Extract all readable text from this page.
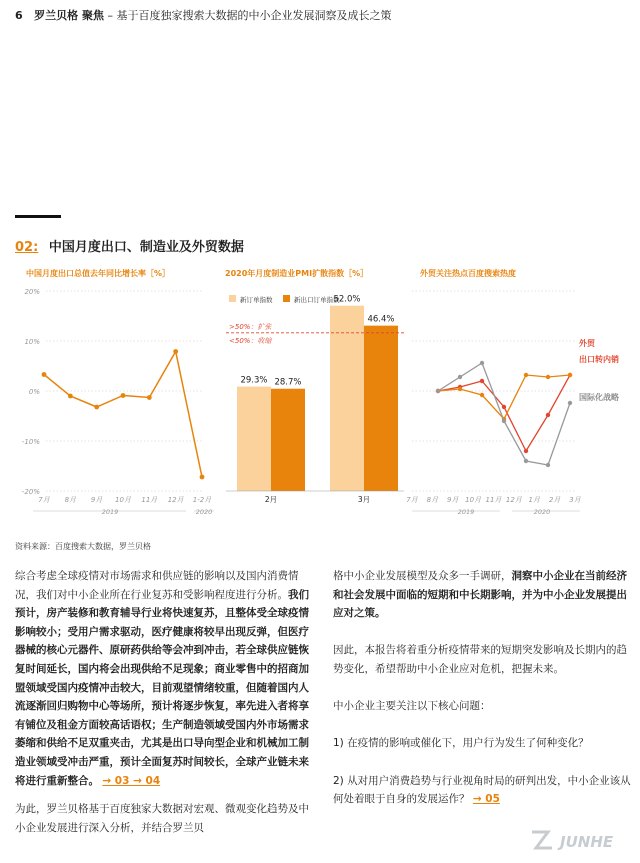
6 罗兰贝格 聚焦 – 基于百度独家搜索大数据的中小企业发展洞察及成长之策
02: 中国月度出口、制造业及外贸数据
中国月度出口总值去年同比增长率［%］	2020年月度制造业PMI扩散指数［%］	外贸关注热点百度搜索热度
20%
10%
0%
-10%
-20%
7月 8月 9月 10月 11月 12月 1-2月
2019	2020
新订单指数	新出口订单指数
29.3% 28.7%
2月
52.0%
46.4%
3月
>50%：扩张
<50%：收缩
7月 8月 9月 10月 11月 12月 1月 2月 3月
外贸
出口转内销
国际化战略
2019	2020
资料来源：百度搜索大数据，罗兰贝格

综合考虑全球疫情对市场需求和供应链的影响以及国内消费情况，我们对中小企业所在行业复苏和受影响程度进行分析。我们预计，房产装修和教育辅导行业将快速复苏，且整体受全球疫情影响较小；受用户需求驱动，医疗健康将较早出现反弹，但医疗器械的核心元器件、原研药供给等会冲到冲击，若全球供应链恢复时间延长，国内将会出现供给不足现象；商业零售中的招商加盟领域受国内疫情冲击较大，目前观望情绪较重，但随着国内人流逐渐回归购物中心等场所，预计将逐步恢复，率先进入者将享有铺位及租金方面较高话语权；生产制造领域受国内外市场需求萎缩和供给不足双重夹击，尤其是出口导向型企业和机械加工制造业领域受冲击严重，预计全面复苏时间较长，全球产业链未来将进行重新整合。 → 03 → 04

为此，罗兰贝格基于百度独家大数据对宏观、微观变化趋势及中小企业发展进行深入分析，并结合罗兰贝

格中小企业发展模型及众多一手调研，洞察中小企业在当前经济和社会发展中面临的短期和中长期影响，并为中小企业发展提出应对之策。

因此，本报告将着重分析疫情带来的短期突发影响及长期内的趋势变化，希望帮助中小企业应对危机，把握未来。

中小企业主要关注以下核心问题：

1) 在疫情的影响或催化下，用户行为发生了何种变化？

2) 从对用户消费趋势与行业视角时局的研判出发，中小企业该从何处着眼于自身的发展运作？ → 05

JUNHE
